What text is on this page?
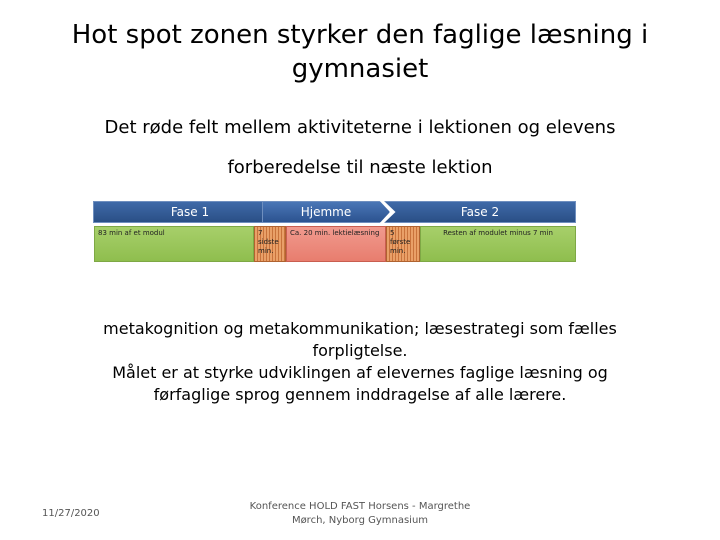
Hot spot zonen styrker den faglige læsning i gymnasiet
Det røde felt mellem aktiviteterne i lektionen og elevens forberedelse til næste lektion
Fase 1	Hjemme	Fase 2
83 min af et modul	7 sidste min.
Ca. 20 min. lektielæsning	5 første min.
Resten af modulet minus 7 min
metakognition og metakommunikation; læsestrategi som fælles forpligtelse.
Målet er at styrke udviklingen af elevernes faglige læsning og førfaglige sprog gennem inddragelse af alle lærere.
11/27/2020
Konference HOLD FAST Horsens - Margrethe Mørch, Nyborg Gymnasium
